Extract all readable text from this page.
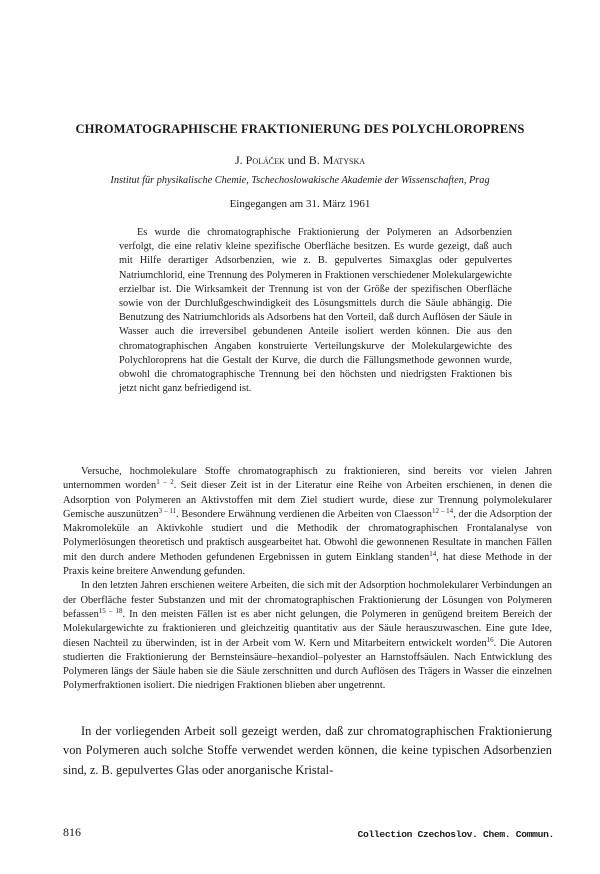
CHROMATOGRAPHISCHE FRAKTIONIERUNG DES POLYCHLOROPRENS
J. Poláček und B. Matyska
Institut für physikalische Chemie, Tschechoslowakische Akademie der Wissenschaften, Prag
Eingegangen am 31. März 1961

Es wurde die chromatographische Fraktionierung der Polymeren an Adsorbenzien verfolgt, die eine relativ kleine spezifische Oberfläche besitzen. Es wurde gezeigt, daß auch mit Hilfe derartiger Adsorbenzien, wie z. B. gepulvertes Simaxglas oder gepulvertes Natriumchlorid, eine Trennung des Polymeren in Fraktionen verschiedener Molekulargewichte erzielbar ist. Die Wirksamkeit der Trennung ist von der Größe der spezifischen Oberfläche sowie von der Durchlußgeschwindigkeit des Lösungsmittels durch die Säule abhängig. Die Benutzung des Natriumchlorids als Adsorbens hat den Vorteil, daß durch Auflösen der Säule in Wasser auch die irreversibel gebundenen Anteile isoliert werden können. Die aus den chromatographischen Angaben konstruierte Verteilungskurve der Molekulargewichte des Polychloroprens hat die Gestalt der Kurve, die durch die Fällungsmethode gewonnen wurde, obwohl die chromatographische Trennung bei den höchsten und niedrigsten Fraktionen bis jetzt nicht ganz befriedigend ist.

Versuche, hochmolekulare Stoffe chromatographisch zu fraktionieren, sind bereits vor vielen Jahren unternommen worden$^{1 - 2}$. Seit dieser Zeit ist in der Literatur eine Reihe von Arbeiten erschienen, in denen die Adsorption von Polymeren an Aktivstoffen mit dem Ziel studiert wurde, diese zur Trennung polymolekularer Gemische auszunützen$^{3 - 11}$. Besondere Erwähnung verdienen die Arbeiten von Claesson$^{12 - 14}$, der die Adsorption der Makromoleküle an Aktivkohle studiert und die Methodik der chromatographischen Frontalanalyse von Polymerlösungen theoretisch und praktisch ausgearbeitet hat. Obwohl die gewonnenen Resultate in manchen Fällen mit den durch andere Methoden gefundenen Ergebnissen in gutem Einklang standen$^{14}$, hat diese Methode in der Praxis keine breitere Anwendung gefunden.

In den letzten Jahren erschienen weitere Arbeiten, die sich mit der Adsorption hochmolekularer Verbindungen an der Oberfläche fester Substanzen und mit der chromatographischen Fraktionierung der Lösungen von Polymeren befassen$^{15 - 18}$. In den meisten Fällen ist es aber nicht gelungen, die Polymeren in genügend breitem Bereich der Molekulargewichte zu fraktionieren und gleichzeitig quantitativ aus der Säule herauszuwaschen. Eine gute Idee, diesen Nachteil zu überwinden, ist in der Arbeit vom W. Kern und Mitarbeitern entwickelt worden$^{16}$. Die Autoren studierten die Fraktionierung der Bernsteinsäure–hexandiol–polyester an Harnstoffsäulen. Nach Entwicklung des Polymeren längs der Säule haben sie die Säule zerschnitten und durch Auflösen des Trägers in Wasser die einzelnen Polymerfraktionen isoliert. Die niedrigen Fraktionen blieben aber ungetrennt.

In der vorliegenden Arbeit soll gezeigt werden, daß zur chromatographischen Fraktionierung von Polymeren auch solche Stoffe verwendet werden können, die keine typischen Adsorbenzien sind, z. B. gepulvertes Glas oder anorganische Kristal-

816	Collection Czechoslov. Chem. Commun.
